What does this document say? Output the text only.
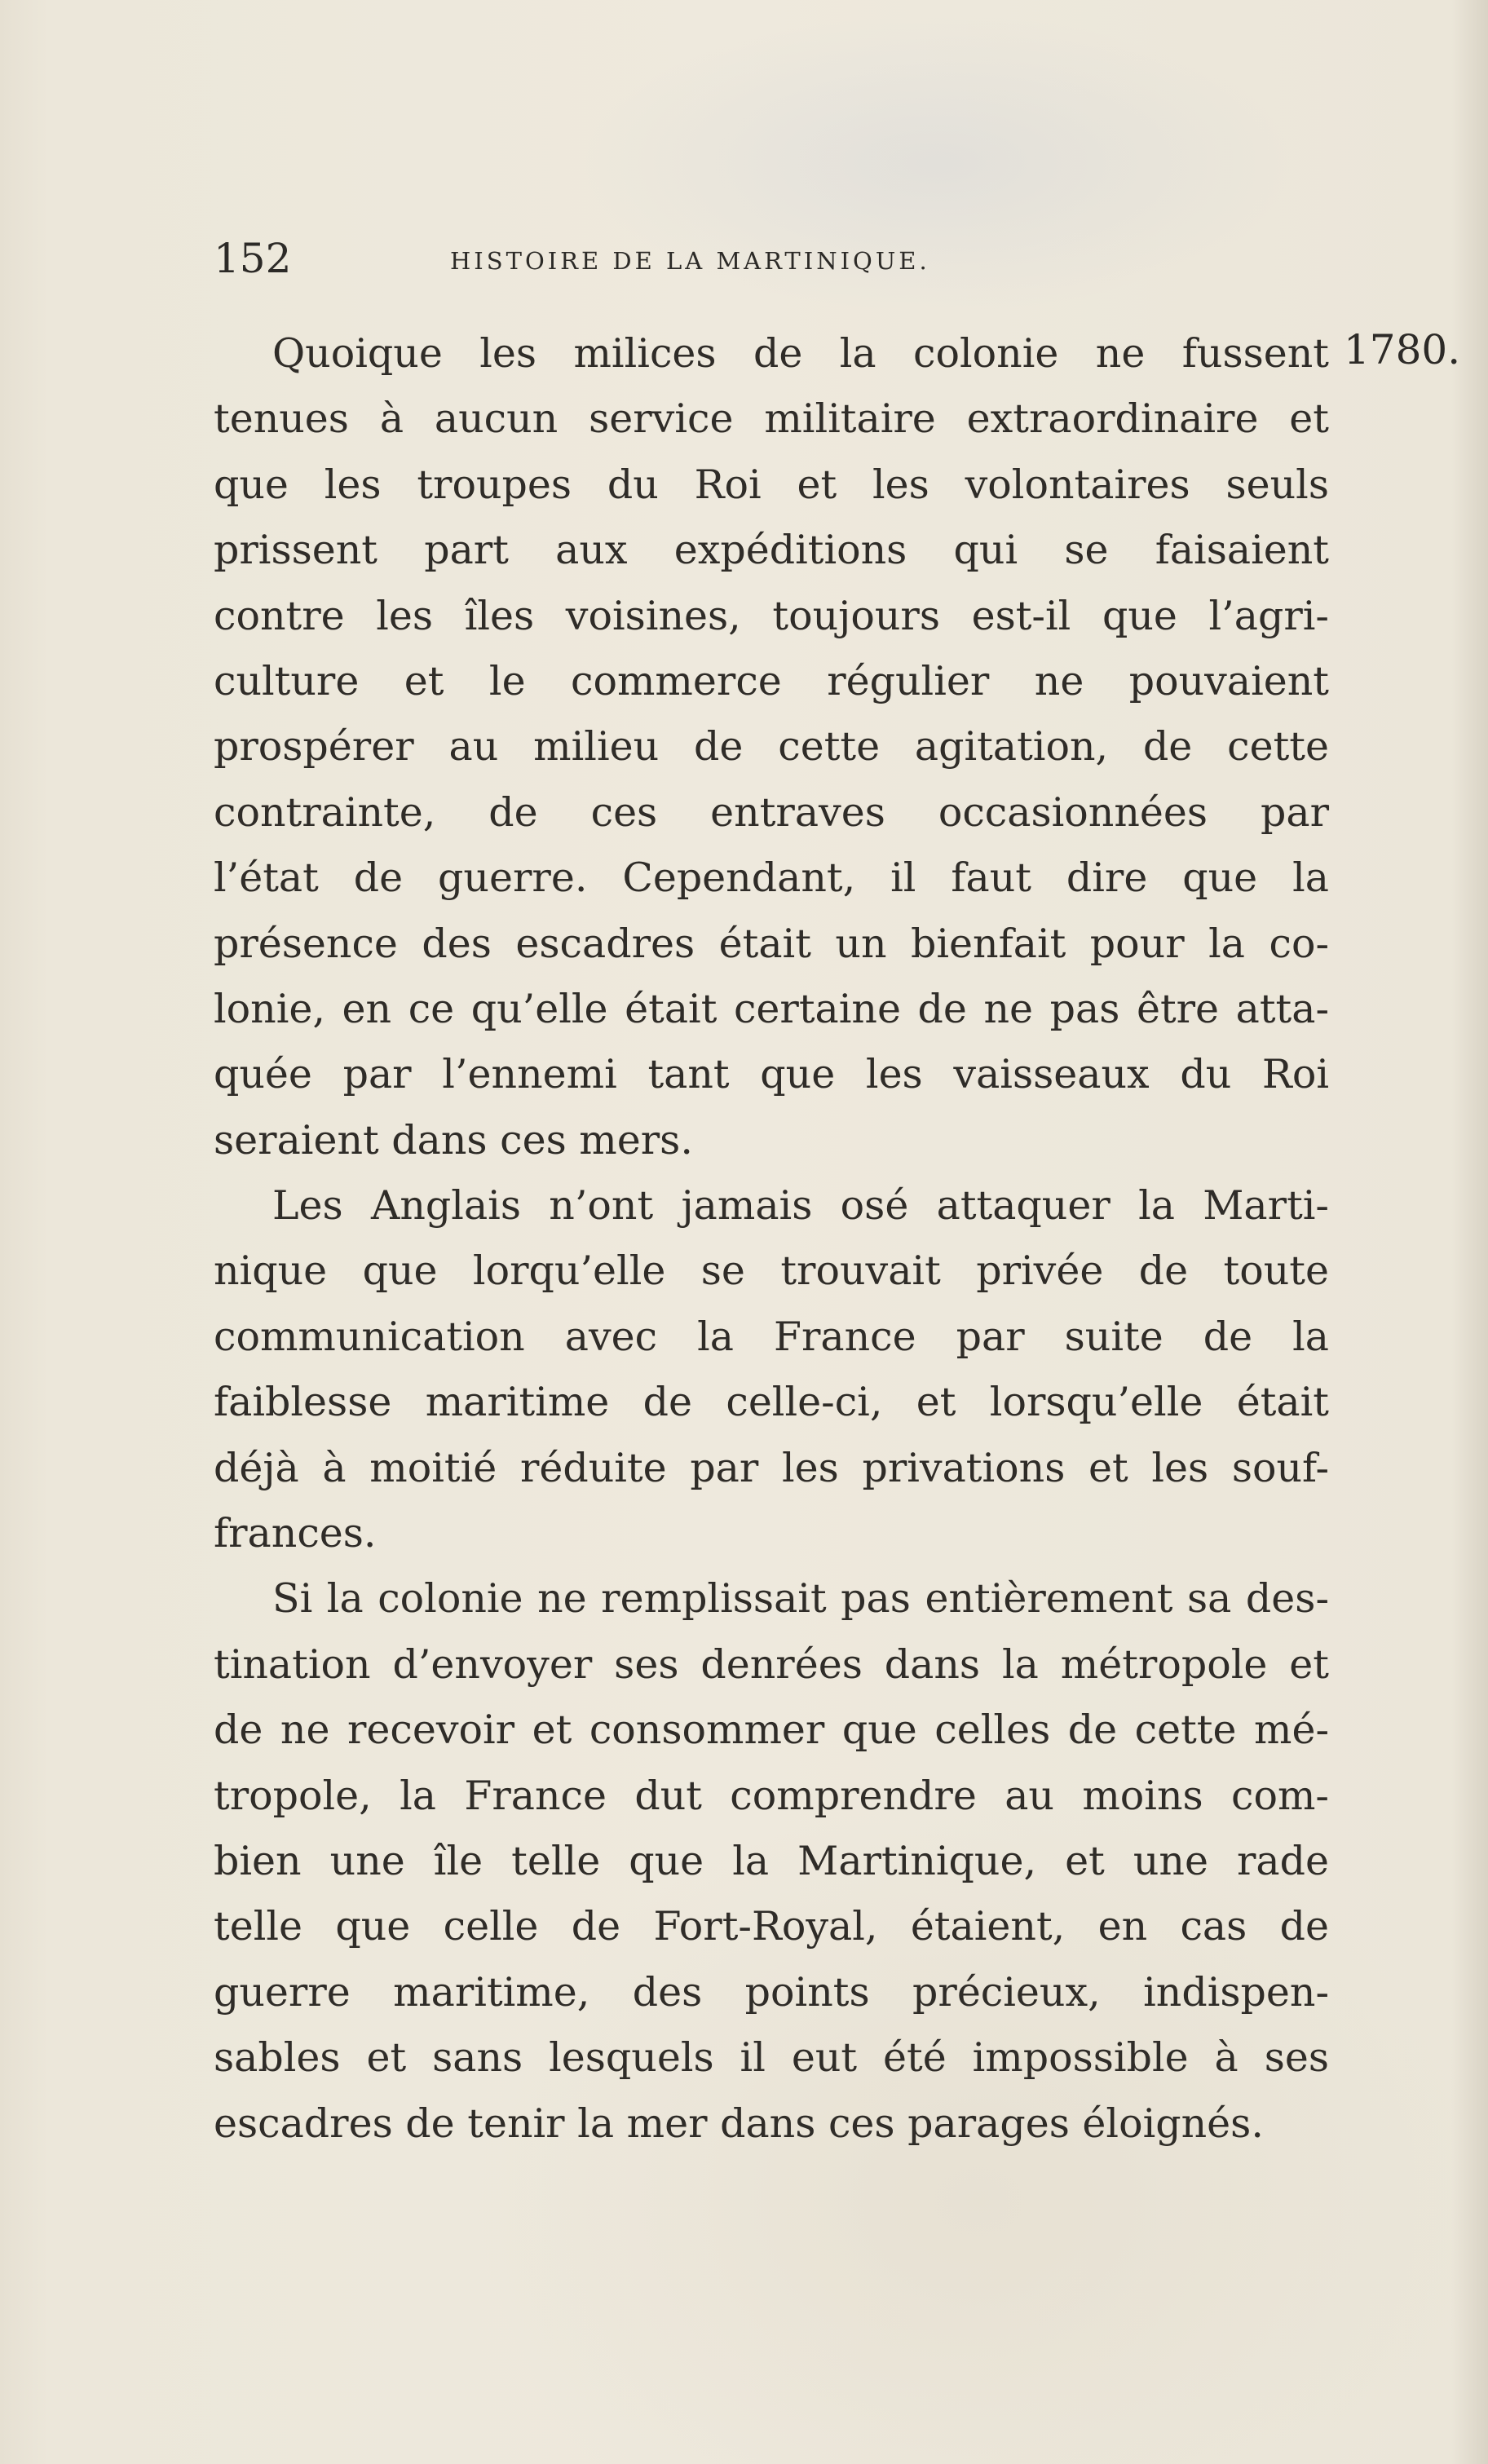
152	HISTOIRE DE LA MARTINIQUE.
1780.
Quoique les milices de la colonie ne fussent
tenues à aucun service militaire extraordinaire et
que les troupes du Roi et les volontaires seuls
prissent part aux expéditions qui se faisaient
contre les îles voisines, toujours est-il que l’agri-
culture et le commerce régulier ne pouvaient
prospérer au milieu de cette agitation, de cette
contrainte, de ces entraves occasionnées par
l’état de guerre. Cependant, il faut dire que la
présence des escadres était un bienfait pour la co-
lonie, en ce qu’elle était certaine de ne pas être atta-
quée par l’ennemi tant que les vaisseaux du Roi
seraient dans ces mers.
Les Anglais n’ont jamais osé attaquer la Marti-
nique que lorqu’elle se trouvait privée de toute
communication avec la France par suite de la
faiblesse maritime de celle-ci, et lorsqu’elle était
déjà à moitié réduite par les privations et les souf-
frances.
Si la colonie ne remplissait pas entièrement sa des-
tination d’envoyer ses denrées dans la métropole et
de ne recevoir et consommer que celles de cette mé-
tropole, la France dut comprendre au moins com-
bien une île telle que la Martinique, et une rade
telle que celle de Fort-Royal, étaient, en cas de
guerre maritime, des points précieux, indispen-
sables et sans lesquels il eut été impossible à ses
escadres de tenir la mer dans ces parages éloignés.
